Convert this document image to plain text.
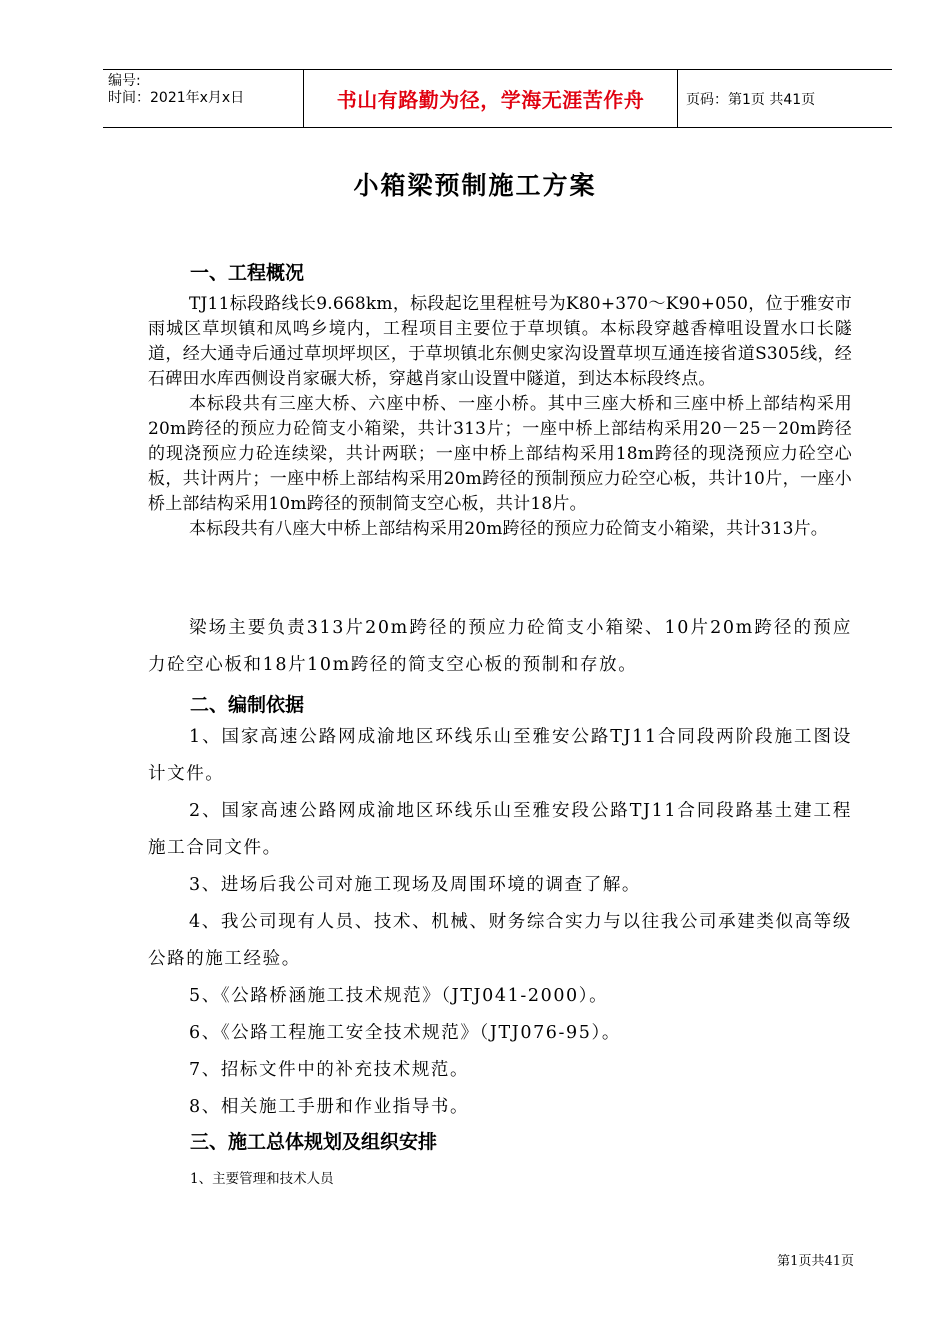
编号:
时间：2021年x月x日	书山有路勤为径，学海无涯苦作舟	页码：第1页 共41页
小箱梁预制施工方案
一、工程概况

TJ11标段路线长9.668km，标段起讫里程桩号为K80+370～K90+050，位于雅安市雨城区草坝镇和凤鸣乡境内，工程项目主要位于草坝镇。本标段穿越香樟咀设置水口长隧道，经大通寺后通过草坝坪坝区，于草坝镇北东侧史家沟设置草坝互通连接省道S305线，经石碑田水库西侧设肖家碾大桥，穿越肖家山设置中隧道，到达本标段终点。

本标段共有三座大桥、六座中桥、一座小桥。其中三座大桥和三座中桥上部结构采用20m跨径的预应力砼简支小箱梁，共计313片；一座中桥上部结构采用20－25－20m跨径的现浇预应力砼连续梁，共计两联；一座中桥上部结构采用18m跨径的现浇预应力砼空心板，共计两片；一座中桥上部结构采用20m跨径的预制预应力砼空心板，共计10片，一座小桥上部结构采用10m跨径的预制简支空心板，共计18片。

本标段共有八座大中桥上部结构采用20m跨径的预应力砼简支小箱梁，共计313片。

梁场主要负责313片20m跨径的预应力砼简支小箱梁、10片20m跨径的预应力砼空心板和18片10m跨径的简支空心板的预制和存放。
二、编制依据
1、国家高速公路网成渝地区环线乐山至雅安公路TJ11合同段两阶段施工图设计文件。
2、国家高速公路网成渝地区环线乐山至雅安段公路TJ11合同段路基土建工程施工合同文件。
3、进场后我公司对施工现场及周围环境的调查了解。
4、我公司现有人员、技术、机械、财务综合实力与以往我公司承建类似高等级公路的施工经验。
5、《公路桥涵施工技术规范》（JTJ041-2000）。
6、《公路工程施工安全技术规范》（JTJ076-95）。
7、招标文件中的补充技术规范。
8、相关施工手册和作业指导书。
三、施工总体规划及组织安排
1、主要管理和技术人员
第1页共41页
